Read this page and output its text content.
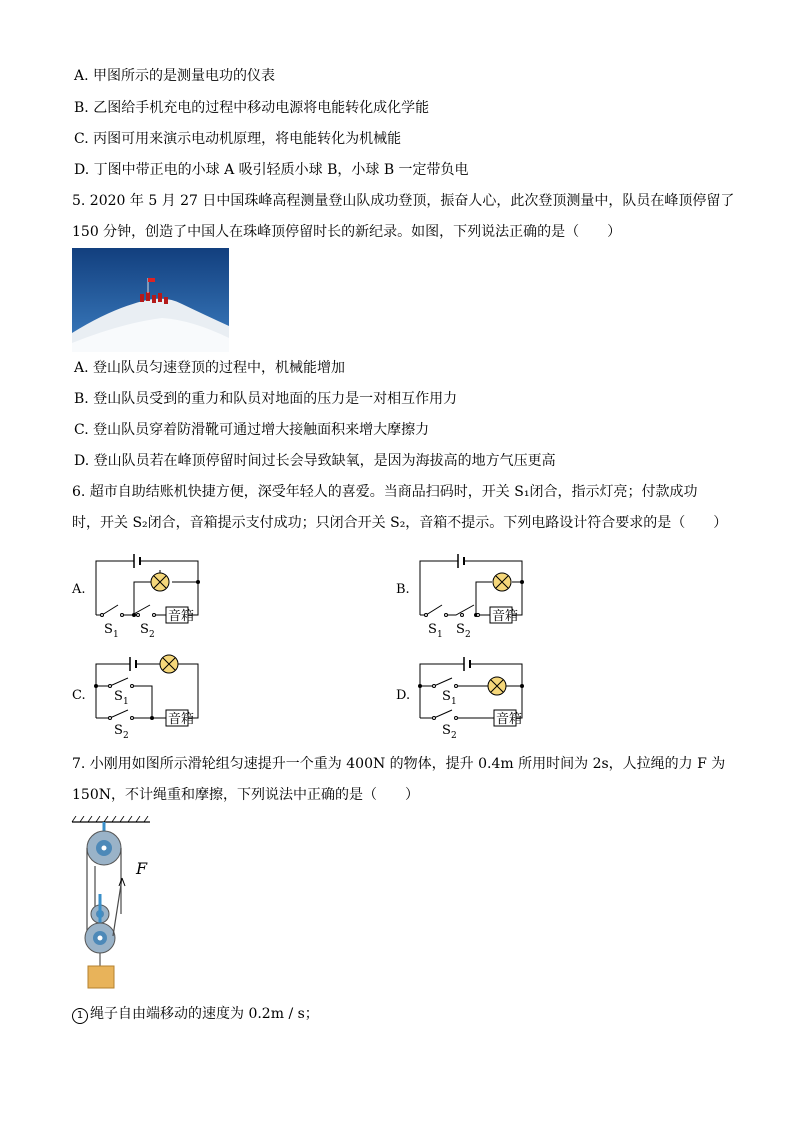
A. 甲图所示的是测量电功的仪表
B. 乙图给手机充电的过程中移动电源将电能转化成化学能
C. 丙图可用来演示电动机原理，将电能转化为机械能
D. 丁图中带正电的小球 A 吸引轻质小球 B，小球 B 一定带负电
5. 2020 年 5 月 27 日中国珠峰高程测量登山队成功登顶，振奋人心，此次登顶测量中，队员在峰顶停留了
150 分钟，创造了中国人在珠峰顶停留时长的新纪录。如图，下列说法正确的是（　　）
A. 登山队员匀速登顶的过程中，机械能增加
B. 登山队员受到的重力和队员对地面的压力是一对相互作用力
C. 登山队员穿着防滑靴可通过增大接触面积来增大摩擦力
D. 登山队员若在峰顶停留时间过长会导致缺氧，是因为海拔高的地方气压更高
6. 超市自助结账机快捷方便，深受年轻人的喜爱。当商品扫码时，开关 S₁闭合，指示灯亮；付款成功
时，开关 S₂闭合，音箱提示支付成功；只闭合开关 S₂，音箱不提示。下列电路设计符合要求的是（　　）
A.
音箱
S 1 S 2
B.
音箱
S 1 S 2
C.
音箱
S 1
S 2
D.
音箱
S 1
S 2
7. 小刚用如图所示滑轮组匀速提升一个重为 400N 的物体，提升 0.4m 所用时间为 2s，人拉绳的力 F 为
150N，不计绳重和摩擦，下列说法中正确的是（　　）
F
1 绳子自由端移动的速度为 0.2m / s；
